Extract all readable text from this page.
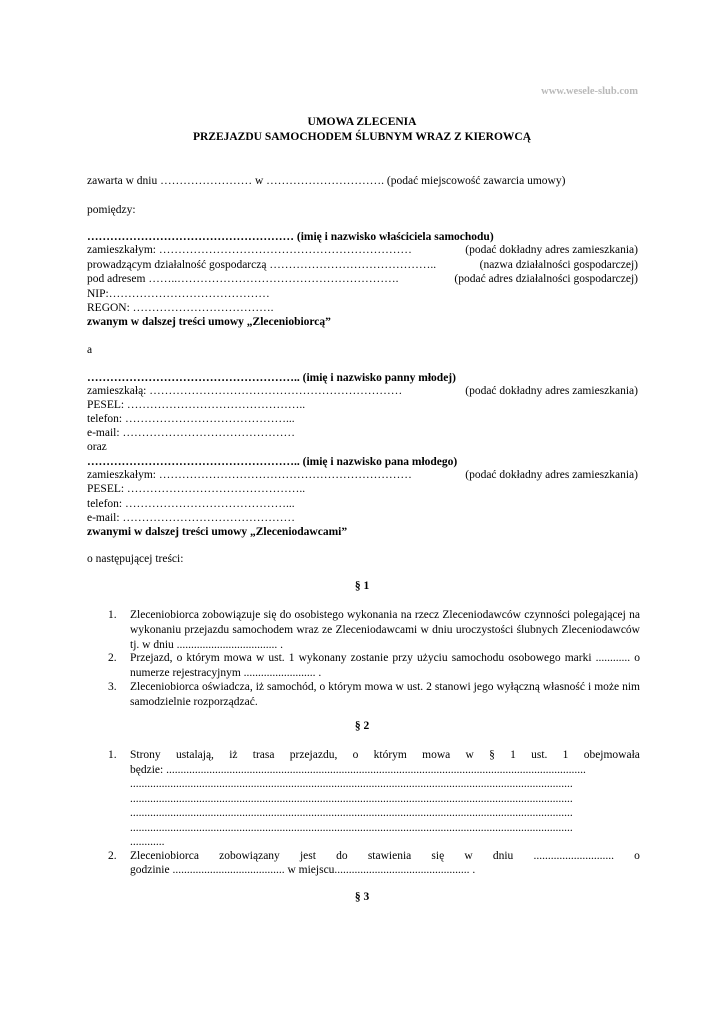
www.wesele-slub.com
UMOWA ZLECENIA
PRZEJAZDU SAMOCHODEM ŚLUBNYM WRAZ Z KIEROWCĄ
zawarta w dniu …………………… w …………………………. (podać miejscowość zawarcia umowy)
pomiędzy:
……………………………………………… (imię i nazwisko właściciela samochodu)
zamieszkałym: …………………………………………………………	(podać dokładny adres zamieszkania)
prowadzącym działalność gospodarczą ……………………………………..	(nazwa działalności gospodarczej)
pod adresem ……..………………………………………………….	(podać adres działalności gospodarczej)
NIP:……………………………………
REGON: ……………………………….
zwanym w dalszej treści umowy „Zleceniobiorcą”
a
……………………………………………….. (imię i nazwisko panny młodej)
zamieszkałą: …………………………………………………………	(podać dokładny adres zamieszkania)
PESEL: ………………………………………..
telefon: ……………………………………...
e-mail: ………………………………………
oraz
……………………………………………….. (imię i nazwisko pana młodego)
zamieszkałym: …………………………………………………………	(podać dokładny adres zamieszkania)
PESEL: ………………………………………..
telefon: ……………………………………...
e-mail: ………………………………………
zwanymi w dalszej treści umowy „Zleceniodawcami”
o następującej treści:
§ 1
1. Zleceniobiorca zobowiązuje się do osobistego wykonania na rzecz Zleceniodawców czynności polegającej na wykonaniu przejazdu samochodem wraz ze Zleceniodawcami w dniu uroczystości ślubnych Zleceniodawców tj. w dniu ................................... .
2. Przejazd, o którym mowa w ust. 1 wykonany zostanie przy użyciu samochodu osobowego marki ............ o numerze rejestracyjnym ......................... .
3. Zleceniobiorca oświadcza, iż samochód, o którym mowa w ust. 2 stanowi jego wyłączną własność i może nim samodzielnie rozporządzać.
§ 2
1. Strony ustalają, iż trasa przejazdu, o którym mowa w § 1 ust. 1 obejmowała
będzie: ..................................................................................................................................................
..........................................................................................................................................................
..........................................................................................................................................................
..........................................................................................................................................................
..........................................................................................................................................................
............
2. Zleceniobiorca zobowiązany jest do stawienia się w dniu ............................ o
godzinie ....................................... w miejscu............................................... .
§ 3
